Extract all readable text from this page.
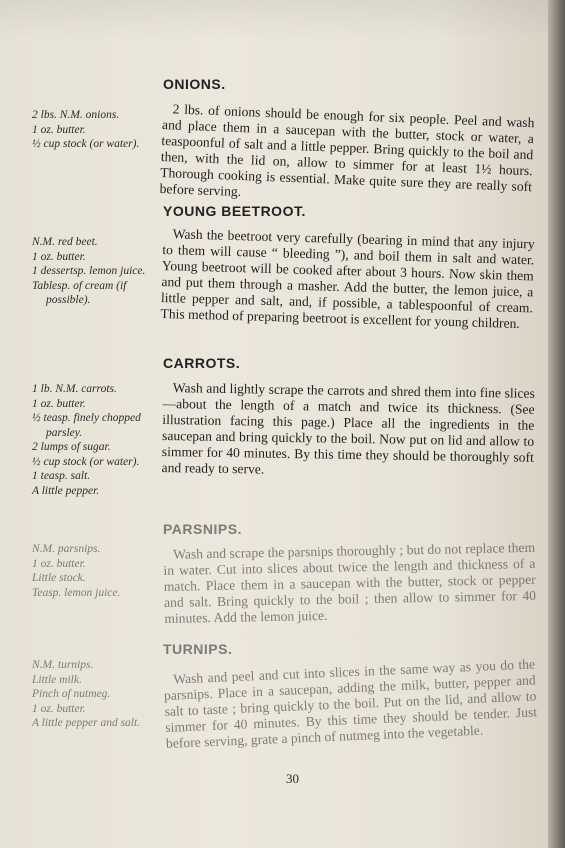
ONIONS.
2 lbs. N.M. onions.
1 oz. butter.
½ cup stock (or water).
2 lbs. of onions should be enough for six people. Peel and wash and place them in a saucepan with the butter, stock or water, a teaspoonful of salt and a little pepper. Bring quickly to the boil and then, with the lid on, allow to simmer for at least 1½ hours. Thorough cooking is essential. Make quite sure they are really soft before serving.
YOUNG BEETROOT.
N.M. red beet.
1 oz. butter.
1 dessertsp. lemon juice.
Tablesp. of cream (if possible).
Wash the beetroot very carefully (bearing in mind that any injury to them will cause “ bleeding ”), and boil them in salt and water. Young beetroot will be cooked after about 3 hours. Now skin them and put them through a masher. Add the butter, the lemon juice, a little pepper and salt, and, if possible, a tablespoonful of cream. This method of preparing beetroot is excellent for young children.
CARROTS.
1 lb. N.M. carrots.
1 oz. butter.
½ teasp. finely chopped parsley.
2 lumps of sugar.
½ cup stock (or water).
1 teasp. salt.
A little pepper.
Wash and lightly scrape the carrots and shred them into fine slices—about the length of a match and twice its thickness. (See illustration facing this page.) Place all the ingredients in the saucepan and bring quickly to the boil. Now put on lid and allow to simmer for 40 minutes. By this time they should be thoroughly soft and ready to serve.
PARSNIPS.
N.M. parsnips.
1 oz. butter.
Little stock.
Teasp. lemon juice.
Wash and scrape the parsnips thoroughly ; but do not replace them in water. Cut into slices about twice the length and thickness of a match. Place them in a saucepan with the butter, stock or pepper and salt. Bring quickly to the boil ; then allow to simmer for 40 minutes. Add the lemon juice.
TURNIPS.
N.M. turnips.
Little milk.
Pinch of nutmeg.
1 oz. butter.
A little pepper and salt.
Wash and peel and cut into slices in the same way as you do the parsnips. Place in a saucepan, adding the milk, butter, pepper and salt to taste ; bring quickly to the boil. Put on the lid, and allow to simmer for 40 minutes. By this time they should be tender. Just before serving, grate a pinch of nutmeg into the vegetable.
30
